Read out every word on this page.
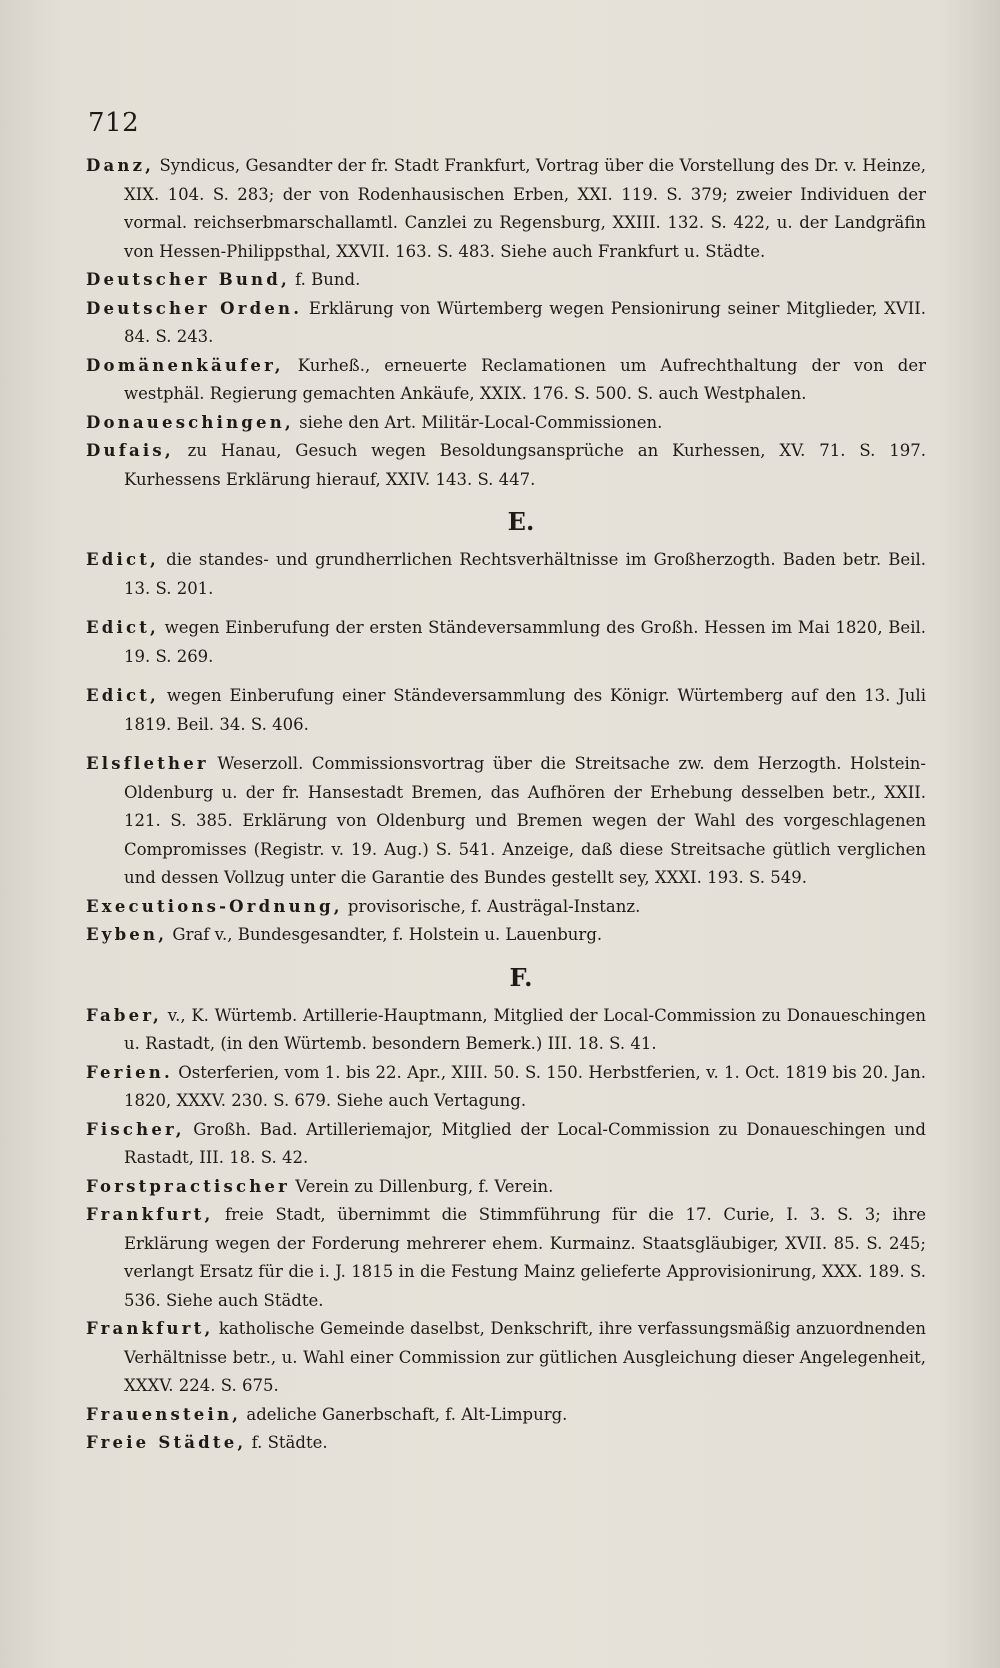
712

Danz, Syndicus, Gesandter der fr. Stadt Frankfurt, Vortrag über die Vorstellung des Dr. v. Heinze, XIX. 104. S. 283; der von Rodenhausischen Erben, XXI. 119. S. 379; zweier Individuen der vormal. reichserbmarschallamtl. Canzlei zu Regensburg, XXIII. 132. S. 422, u. der Landgräfin von Hessen-Philippsthal, XXVII. 163. S. 483. Siehe auch Frankfurt u. Städte.

Deutscher Bund, f. Bund.

Deutscher Orden. Erklärung von Würtemberg wegen Pensionirung seiner Mitglieder, XVII. 84. S. 243.

Domänenkäufer, Kurheß., erneuerte Reclamationen um Aufrechthaltung der von der westphäl. Regierung gemachten Ankäufe, XXIX. 176. S. 500. S. auch Westphalen.

Donaueschingen, siehe den Art. Militär-Local-Commissionen.

Dufais, zu Hanau, Gesuch wegen Besoldungsansprüche an Kurhessen, XV. 71. S. 197. Kurhessens Erklärung hierauf, XXIV. 143. S. 447.

E.

Edict, die standes- und grundherrlichen Rechtsverhältnisse im Großherzogth. Baden betr. Beil. 13. S. 201.

Edict, wegen Einberufung der ersten Ständeversammlung des Großh. Hessen im Mai 1820, Beil. 19. S. 269.

Edict, wegen Einberufung einer Ständeversammlung des Königr. Würtemberg auf den 13. Juli 1819. Beil. 34. S. 406.

Elsflether Weserzoll. Commissionsvortrag über die Streitsache zw. dem Herzogth. Holstein-Oldenburg u. der fr. Hansestadt Bremen, das Aufhören der Erhebung desselben betr., XXII. 121. S. 385. Erklärung von Oldenburg und Bremen wegen der Wahl des vorgeschlagenen Compromisses (Registr. v. 19. Aug.) S. 541. Anzeige, daß diese Streitsache gütlich verglichen und dessen Vollzug unter die Garantie des Bundes gestellt sey, XXXI. 193. S. 549.

Executions-Ordnung, provisorische, f. Austrägal-Instanz.

Eyben, Graf v., Bundesgesandter, f. Holstein u. Lauenburg.

F.

Faber, v., K. Würtemb. Artillerie-Hauptmann, Mitglied der Local-Commission zu Donaueschingen u. Rastadt, (in den Würtemb. besondern Bemerk.) III. 18. S. 41.

Ferien. Osterferien, vom 1. bis 22. Apr., XIII. 50. S. 150. Herbstferien, v. 1. Oct. 1819 bis 20. Jan. 1820, XXXV. 230. S. 679. Siehe auch Vertagung.

Fischer, Großh. Bad. Artilleriemajor, Mitglied der Local-Commission zu Donaueschingen und Rastadt, III. 18. S. 42.

Forstpractischer Verein zu Dillenburg, f. Verein.

Frankfurt, freie Stadt, übernimmt die Stimmführung für die 17. Curie, I. 3. S. 3; ihre Erklärung wegen der Forderung mehrerer ehem. Kurmainz. Staatsgläubiger, XVII. 85. S. 245; verlangt Ersatz für die i. J. 1815 in die Festung Mainz gelieferte Approvisionirung, XXX. 189. S. 536. Siehe auch Städte.

Frankfurt, katholische Gemeinde daselbst, Denkschrift, ihre verfassungsmäßig anzuordnenden Verhältnisse betr., u. Wahl einer Commission zur gütlichen Ausgleichung dieser Angelegenheit, XXXV. 224. S. 675.

Frauenstein, adeliche Ganerbschaft, f. Alt-Limpurg.

Freie Städte, f. Städte.
